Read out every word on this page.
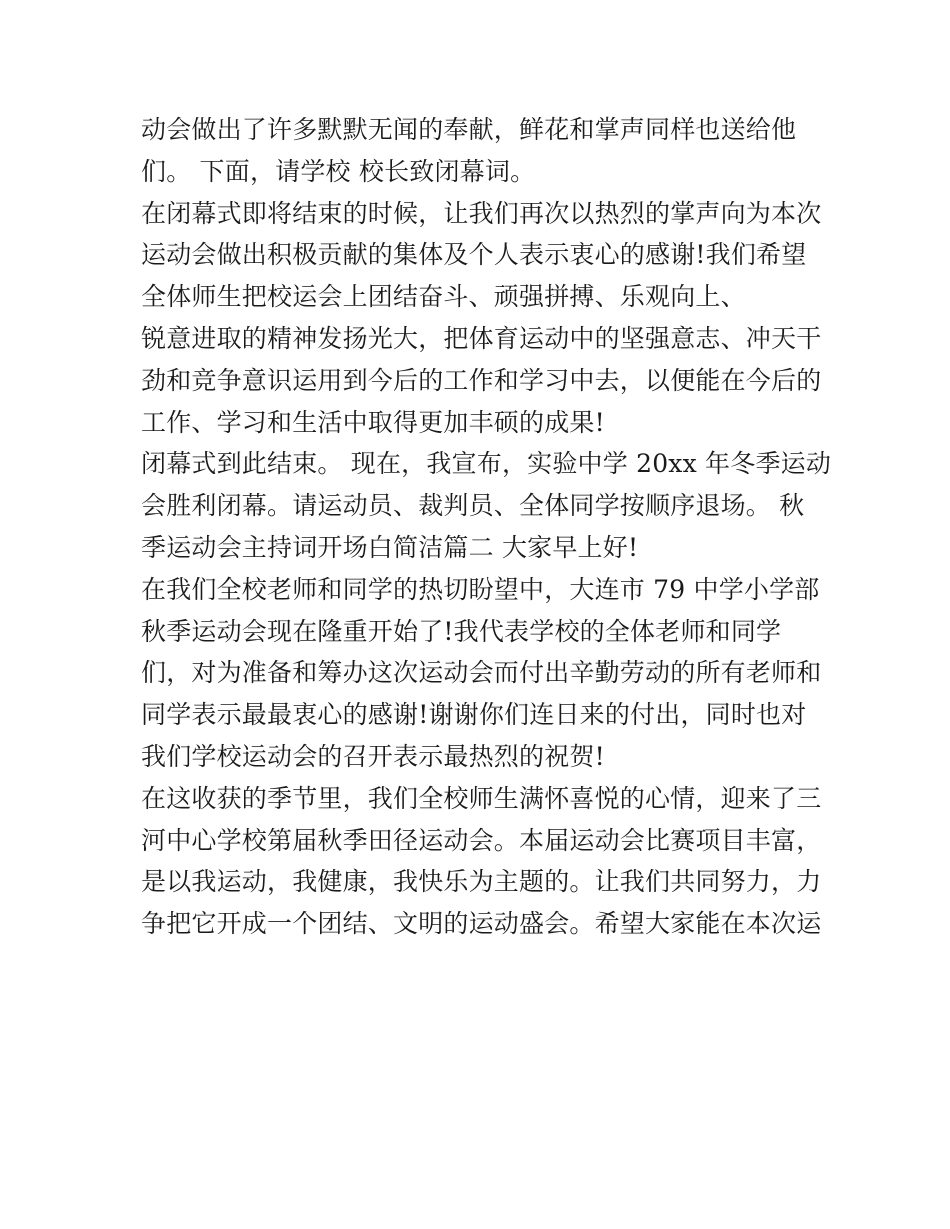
动会做出了许多默默无闻的奉献，鲜花和掌声同样也送给他
们。 下面，请学校 校长致闭幕词。
在闭幕式即将结束的时候，让我们再次以热烈的掌声向为本次
运动会做出积极贡献的集体及个人表示衷心的感谢!我们希望
全体师生把校运会上团结奋斗、顽强拼搏、乐观向上、
锐意进取的精神发扬光大，把体育运动中的坚强意志、冲天干
劲和竞争意识运用到今后的工作和学习中去，以便能在今后的
工作、学习和生活中取得更加丰硕的成果!
闭幕式到此结束。 现在，我宣布，实验中学 20xx 年冬季运动
会胜利闭幕。请运动员、裁判员、全体同学按顺序退场。 秋
季运动会主持词开场白简洁篇二 大家早上好!
在我们全校老师和同学的热切盼望中，大连市 79 中学小学部
秋季运动会现在隆重开始了!我代表学校的全体老师和同学
们，对为准备和筹办这次运动会而付出辛勤劳动的所有老师和
同学表示最最衷心的感谢!谢谢你们连日来的付出，同时也对
我们学校运动会的召开表示最热烈的祝贺!
在这收获的季节里，我们全校师生满怀喜悦的心情，迎来了三
河中心学校第届秋季田径运动会。本届运动会比赛项目丰富，
是以我运动，我健康，我快乐为主题的。让我们共同努力，力
争把它开成一个团结、文明的运动盛会。希望大家能在本次运
